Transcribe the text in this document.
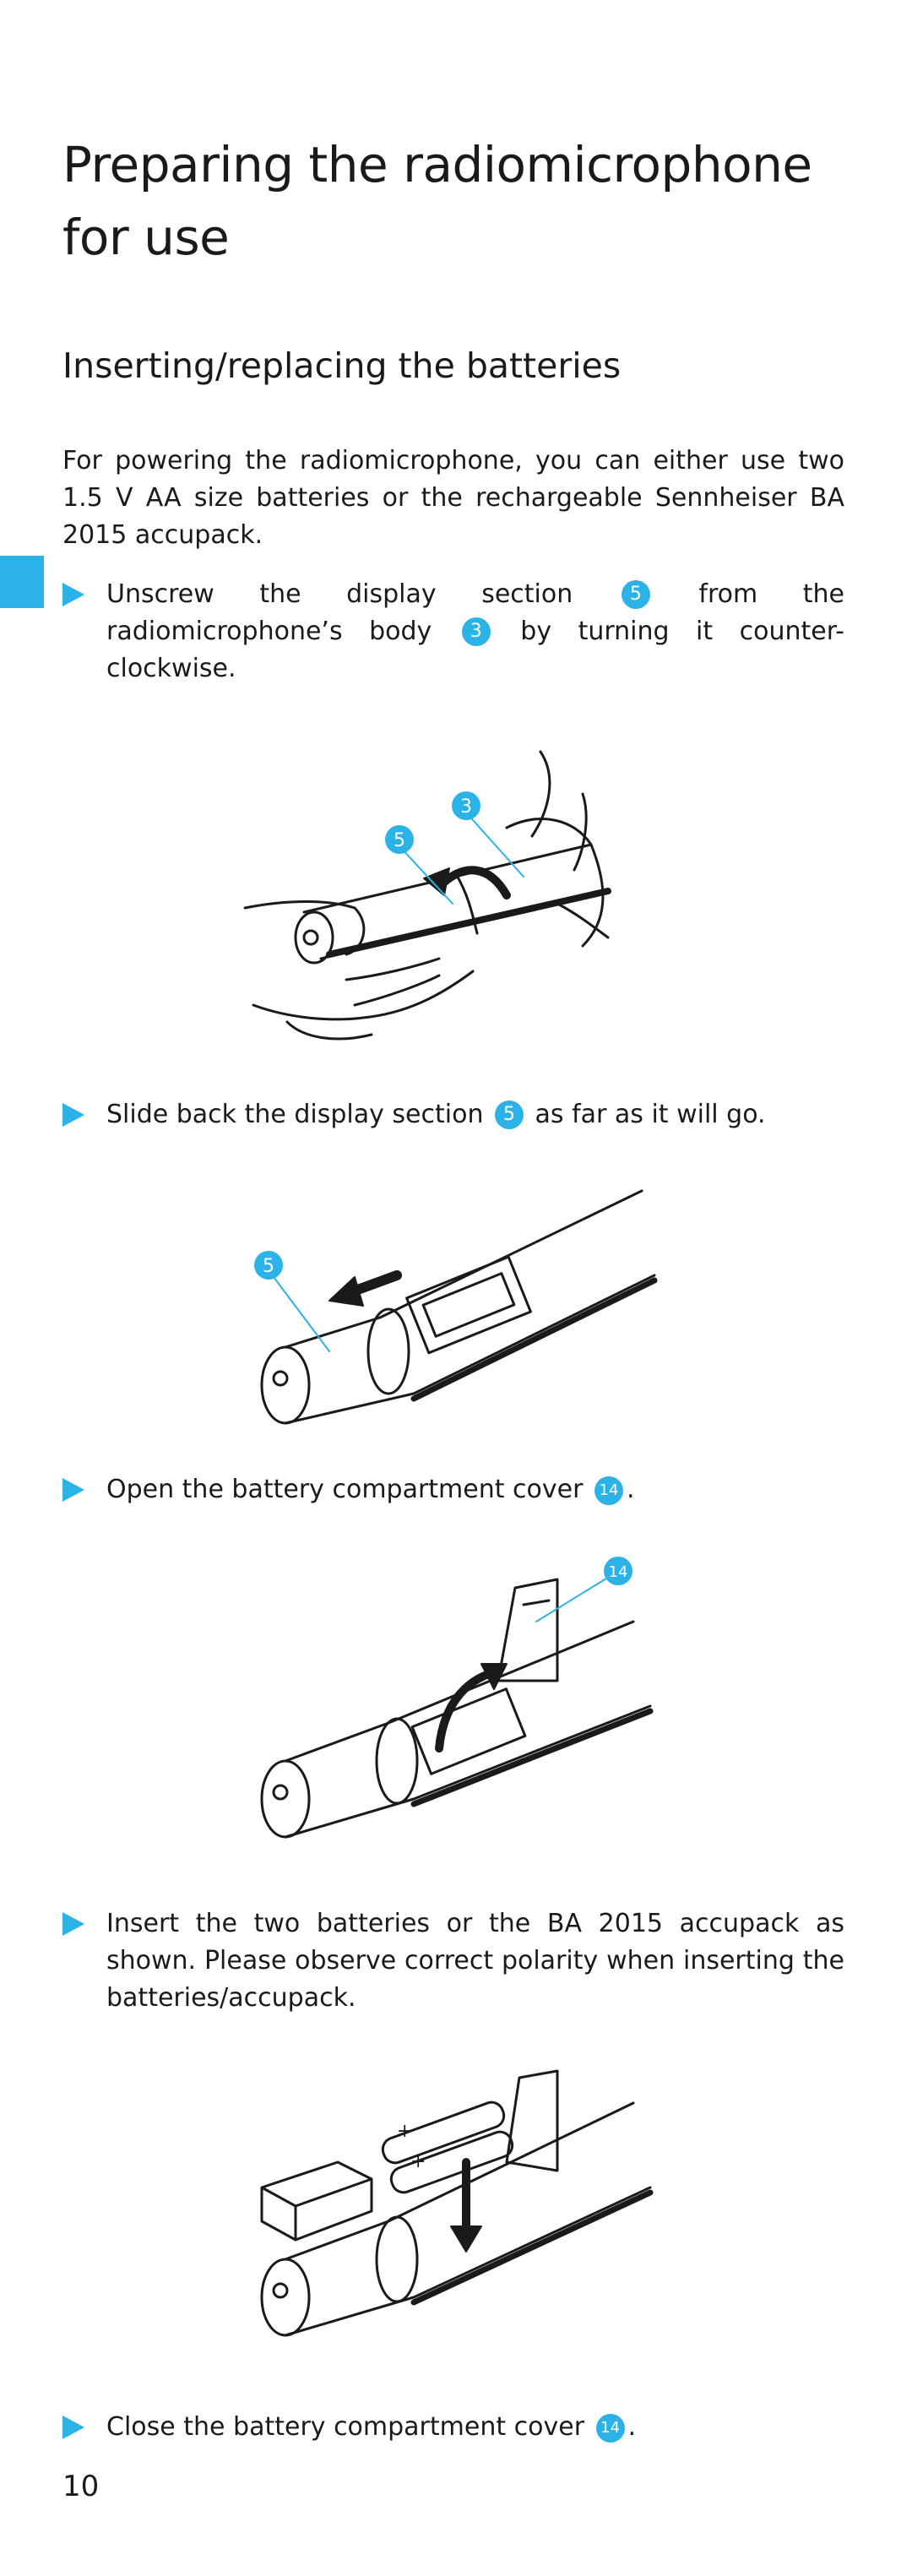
Preparing the radiomicrophone for use
Inserting/replacing the batteries

For powering the radiomicrophone, you can either use two 1.5 V AA size batteries or the rechargeable Sennheiser BA 2015 accupack.

Unscrew the display section 5 from the radiomicrophone’s body 3 by turning it counter-clockwise.
5
3
Slide back the display section 5 as far as it will go.
5
Open the battery compartment cover 14 .
14
Insert the two batteries or the BA 2015 accupack as shown. Please observe correct polarity when inserting the batteries/accupack.
+
+
Close the battery compartment cover 14 .
10
